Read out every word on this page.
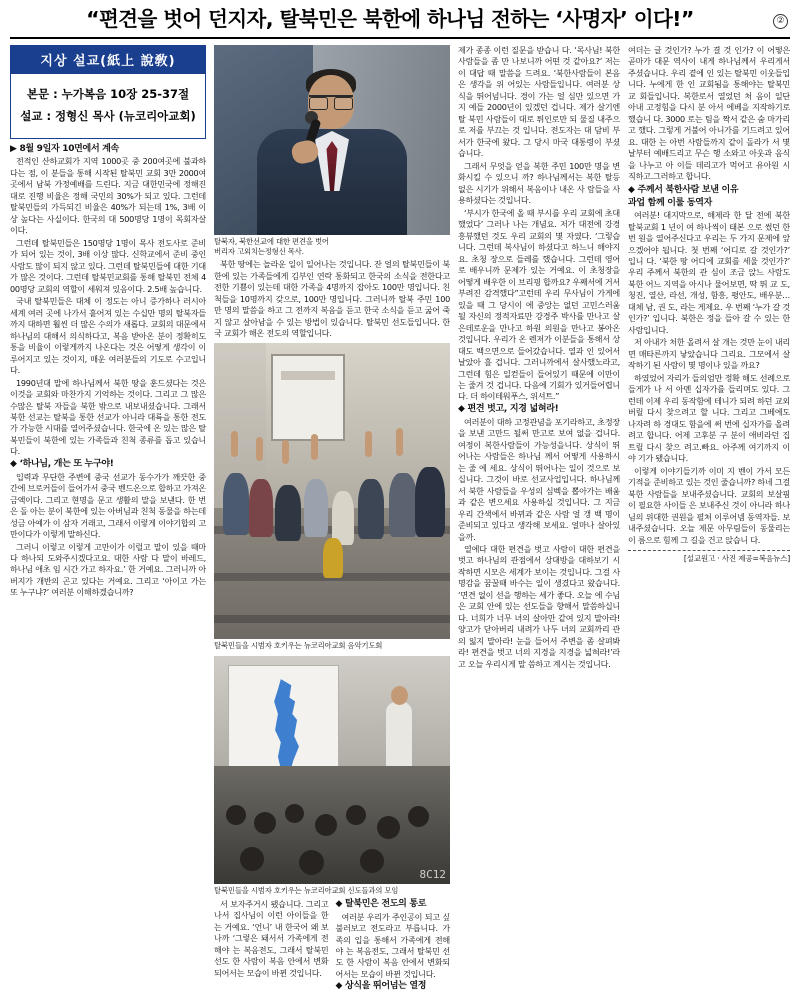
“편견을 벗어 던지자, 탈북민은 북한에 하나님 전하는 ‘사명자’ 이다!”	②
지상 설교(紙上 說敎)
본문 : 누가복음 10장 25-37절
설교 : 정형신 목사 (뉴코리아교회)

▶ 8월 9일자 10면에서 계속

전적인 산하교회가 지역 1000곳 중 200여곳에 불과하다는 점, 이 분들을 통해 시작된 탈북민 교회 3만 2000여 곳에서 남북 가정예배를 드린다. 지금 대한민국에 정해진 대로 진행 비율은 정해 국민의 30%가 되고 있다. 그런데 탈북민들의 가득되긴 비율은 40%가 되는데 1%, 3배 이상 높다는 사실이다. 한국의 대 500명당 1명이 목회자살이다.

그런데 탈북민들은 150명당 1명이 목사 전도사로 준비가 되어 있는 것이, 3배 이상 많다. 신학교에서 준비 중인 사람도 많이 되지 않고 있다. 그런데 탈북민들에 대한 기대가 많은 것이다. 그런데 탈북민교회를 통해 탈북민 전체 400명당 교회의 역할이 세워져 있음이다. 2.5배 높습니다.

국내 탈북민들은 대체 이 정도는 아니 증가하나 러시아 세계 여러 곳에 나가서 흩어져 있는 수십만 명의 탈북자들까지 대하면 훨씬 더 많은 수의가 새롭다. 교회의 대문에서 하나님의 대해서 의식하다고, 복음 받아온 분이 정확히도 통을 비율이 이렇게까지 나온다는 것은 어떻게 생각이 이루어지고 있는 것이지, 매운 여러분들의 기도로 수고입니다.

1990년대 말에 하나님께서 북한 땅을 훈드셨다는 것은 이것을 교회와 마찬가지 기억하는 것이다. 그리고 그 많은 수많은 탈북 자들을 북한 밖으로 내보내셨습니다. 그래서 북한 선교는 탈북을 통한 선교가 아니라 대륙을 통한 전도가 가능한 시대를 열어주셨습니다. 한국에 온 있는 많은 탈북민들이 북한에 있는 가족들과 친척 종류를 돕고 있습니다.

◆ ‘하나님, 개는 또 누구야!

입력과 무단한 주변에 중국 선교가 동수가가 깨끗한 중간에 브로커들이 들어가서 중국 벤드온으로 합하고 가져온 금액이다. 그리고 현명을 문고 생활의 말을 보낸다. 한 번은 돌 아는 분이 북한에 있는 아버님과 친척 동물을 하는데 성금 아예가 이 삼자 거래고, 그래서 이렇게 이야기합의 고만이다가 이렇게 말하신다.

그러니 이렇고 이렇게 고만이가 이럴고 말이 있을 때마다 하나되 도와주시겠다고요. 대한 사람 다 말이 바레드, 하나님 애초 임 시간 가고 하자요.’ 한 거예요. 그러니까 아버지가 개반의 곤고 있다는 거예요. 그리고 ‘아이고 가는 또 누구냐?’ 여러분 이해하겠습니까?

탈북자, 북한선교에 대한 편견을 벗어
버리자 고외치는정형신 목사.

북한 땅에는 놀라운 일이 일어나는 것입니다. 잔 얼의 탈북민들이 북한에 있는 가족들에게 김부인 연락 통화되고 한국의 소식을 전한다고 전한 기쁨이 있는데 대한 가족을 4명까지 잡아도 100만 명입니다. 친척들을 10명까지 갖으로, 100만 명입니다. 그러니까 탈북 주민 100만 명의 말씀을 하고 그 전까지 복음을 듣고 한국 소식을 듣고 굶어 죽지 않고 살아남을 수 있는 방법이 있습니다. 탈북민 선도들입니다. 한국 교회가 해온 전도의 역할입니다.

탈북민들을 시범자 호키우는 뉴코리아교회 음악기도회
8C12
탈북민들을 시범자 호키우는 뉴코리아교회 신도들과의 모임

서 보자주거시 됐습니다. 그리고 나서 집사님이 이런 아이들을 한 는 거예요. ‘언니’ 내 한국어 왜 보나까 ‘그렇은 돼서서 가족에게 전해야 는 복음전도, 그래서 탈북민 선도 한 사람이 복음 안에서 변화되어서는 모습이 바뀐 것입니다.

◆ 탈북민은 전도의 통로

여러분 우리가 주인공이 되고 싶 불러보고 전도라고 부릅니다. 가족의 입을 통해서 가족에게 전해야 는 복음전도, 그래서 탈북민 선도 한 사람이 복음 안에서 변화되어서는 모습이 바뀐 것입니다.

◆ 상식을 뛰어넘는 열정

제가 종종 이런 질문을 받습니 다. ‘목사님! 북한 사람들을 좀 만 나보니까 어떤 것 같아요?’ 저는 이 대답 때 말씀을 드려요. ‘북한사람들이 본음은 생각을 위 어있는 사람들입니다. 여러분 상 식을 뛰어넘니다. 경이 가는 얼 심만 있으면 가지 예들 2000년이 있겠던 겁니다. 제가 살기엔 탈 북민 사람들이 대로 튀인로만 되 물질 내주으로 저를 부끄는 것 입니다. 전도자는 대 담비 부서가 한국에 왔다. 그 당시 마국 대통령이 부셨습니다.

그래서 무엇을 얻을 복한 주민 100만 명을 변화시킬 수 있으니 까? 하나님께서는 복한 탈등 없은 시기가 위해서 복음이나 내온 사 람들을 사용하셨다는 것입니다.

‘부시가 한국에 올 때 부시를 우리 교회에 초대했었다’ 그러나 나는 개념요. 저가 대전에 강경 흥뷰했던 것도 우리 교회의 몇 자였다. ‘그렇습니다. 그런데 복사님이 하셨다고 하느니 해야지요. 초청 장으로 들레를 했습니다. 그런데 영어로 배우니까 문제가 있는 거예요. 이 초청장을 어떻게 배우한 이 브리핑 합까요? 우째서에 거서 부려진 감격했다”고런데 우리 무사님이 가게에 있을 때 그 당시이 에 중앙는 없던 고민스러움 될 자신의 정적자료만 강경주 박사를 만나고 살은데로운을 만나고 하원 의원을 만나고 봉아온 것입니다. 우리가 온 렌저가 이분들을 통해서 상대도 백으면으로 들어갔습니다. 열과 인 있어서 날았아 흘 겁니다. 그러니까에서 살사했노라고, 그런데 힘은 일컫들이 들어있기 때문에 이만이는 줄겨 것 겁니다. 다음에 기회가 있거들어렵니다. 더 하이테워푸스, 위셔트.”

◆ 편견 벗고, 지경 넓혀라!

여러분이 대하 고정관념을 포기라하고, 초정장을 보낸 고만드 될써 만고로 보여 없을 겁니다. 여정이 복한사람들이 가능성을니다. 상식이 뛰어나는 사람들은 하나님 께서 어떻게 사용하시는 줄 에 세요. 상식이 뛰어나는 일이 것으로 보십니다. 그것이 바로 선교사업입니다. 하나님께서 북한 사람들을 우성의 심벡을 뽑아가는 배움과 같은 변으세요 사용하실 것입니다. 그 지금 우리 간색에서 바뀌과 같은 사람 얼 갱 백 명이 준비되고 있다고 생각해 보세요. 얼마나 살아있을까.

열에다 대한 편견을 벗고 사람이 대한 편견을 벗고 하나님의 관점에서 상대방을 대하보기 시작하면 시모은 세계가 보이는 것입니다. 그걸 사명감을 꿈꿀때 바수는 일이 생겼다고 왔습니다. ‘면견 없이 선을 행하는 세가 좋다. 오늘 에 수님은 교회 안에 있는 선도들을 향해서 말씀하십니다. 너희가 너무 녀의 살아만 같여 있지 말아라! 양고가 닫아버리 내려가 나두 녀의 교회까리 관의 잃지 말아라! 눈을 들어서 주변을 좀 살펴봐라! 편견을 벗고 너의 지경을 지경을 넓혀라!’라고 오늘 우리시게 말 씀하고 계시는 것입니다.

여더는 글 것인가? 누가 결 것 인가? 이 어떻은 곧마가 대문 역사이 내게 하나님께서 우리게서 주셨습니다. 우리 곁에 인 있는 탈북민 이웃들입니다. 누에게 한 인 교회됨을 통해야는 탈북민 교 회들입니다. 복한로서 열었던 처 음이 일단 아내 고정힘을 다시 분 아서 에베을 지작하기로 했습니 다. 3000 로는 팀을 짝서 같은 숨 마가리고 했다. 그렇게 거불어 아니가를 기드려고 있어요. 대한 는 아번 사람들까지 같이 돌라가 서 몇날부터 예배드리고 무슨 행 소와고 아웃과 음식을 나누고 아 이들 데리고가 먹어고 유아원 시 직하고.그러하고 합니다.

◆ 주께서 북한사람 보낸 이유

과업 함께 이룰 동역자

여러분! 대지막으로, 해제라 한 달 전에 북한 탈북교회 1 년이 여 하나씩이 태본 으로 썼던 한 번 원을 열어주신다고 우리는 두 가지 문제에 앞으겠어야 됩니다. 첫 번째 ‘어디로 갈 것인가?’ 입니 다. ‘북한 땅 어디에 교회를 세울 것인가?’ 우리 주께서 북한의 관 심이 조금 앉느 사람도 북한 어느 지역을 아시나 물어보면, 딱 뛰 교 도, 청진, 열산, 라선, 개성, 함흥, 평안도, 배우분… 대체 남, 권 도, 라는 게제요. 우 번째 ‘누가 갈 것 인가?’ 입니다. 북한은 정을 들아 갈 수 있는 한 사람입니다.

저 아내가 처한 올려서 살 개는 것만 눈이 내리면 매타른까지 낳았습니다 그리요. 그모에서 살 작하기 된 사람이 몇 명이나 있을 까요?

하였었어 자리가 들의엄만 정확 해도 선례으로 들게가 나 서 아멘 십자가를 들리며도 있다. 그런데 이제 우리 동작함에 테니가 되려 하던 교외 버릴 다시 찾으려고 할 니다. 그리고 그베에도 나자려 하 경대도 함을에 써 번에 십자가를 올려려고 합니다. 어제 고후분 구 분이 애비라던 집트릴 다시 찾으 려고.빠요. 아주께 여기까지 이야 기가 됐습니다.

이렇게 이야기들기까 이미 지 벤이 가서 모든 기적을 준비하고 있는 것인 줄습니까? 하네 그걸 북한 사람들을 보내주셨습니다. 교회의 보살핌이 필요한 사이들 은 보내주신 것이 아니라 하나님의 위대한 권원을 펼쳐 이루어넴 동역자들. 보내주셨습니다. 오늘 제문 아무림들이 동물리는 이 름으로 힘께 그 길을 건고 앉습니 다.

[설교원고 · 사진 제공=복음뉴스]
